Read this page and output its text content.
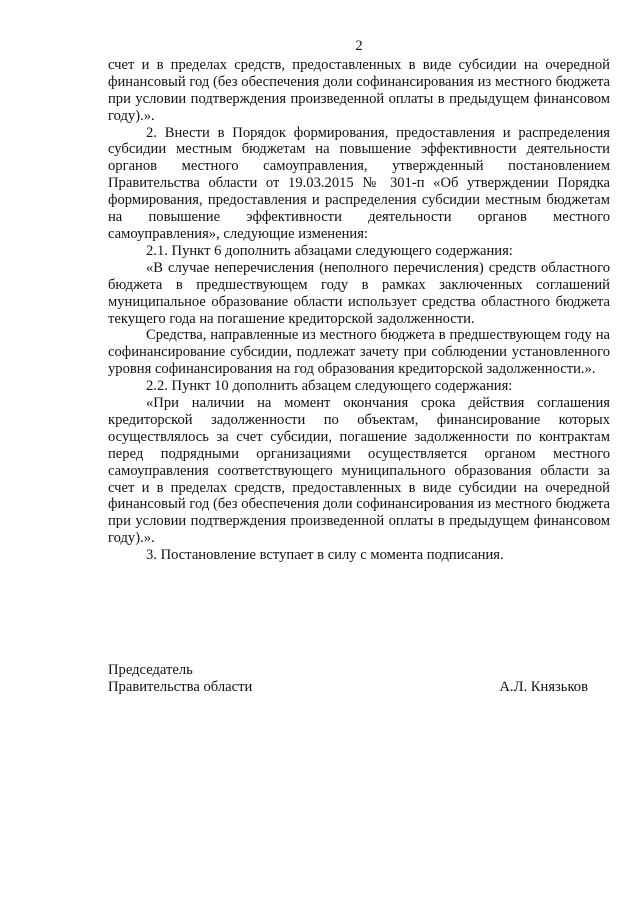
2

счет и в пределах средств, предоставленных в виде субсидии на очередной финансовый год (без обеспечения доли софинансирования из местного бюджета при условии подтверждения произведенной оплаты в предыдущем финансовом году).».

2. Внести в Порядок формирования, предоставления и распределения субсидии местным бюджетам на повышение эффективности деятельности органов местного самоуправления, утвержденный постановлением Правительства области от 19.03.2015 № 301-п «Об утверждении Порядка формирования, предоставления и распределения субсидии местным бюджетам на повышение эффективности деятельности органов местного самоуправления», следующие изменения:

2.1. Пункт 6 дополнить абзацами следующего содержания:

«В случае неперечисления (неполного перечисления) средств областного бюджета в предшествующем году в рамках заключенных соглашений муниципальное образование области использует средства областного бюджета текущего года на погашение кредиторской задолженности.

Средства, направленные из местного бюджета в предшествующем году на софинансирование субсидии, подлежат зачету при соблюдении установленного уровня софинансирования на год образования кредиторской задолженности.».

2.2. Пункт 10 дополнить абзацем следующего содержания:

«При наличии на момент окончания срока действия соглашения кредиторской задолженности по объектам, финансирование которых осуществлялось за счет субсидии, погашение задолженности по контрактам перед подрядными организациями осуществляется органом местного самоуправления соответствующего муниципального образования области за счет и в пределах средств, предоставленных в виде субсидии на очередной финансовый год (без обеспечения доли софинансирования из местного бюджета при условии подтверждения произведенной оплаты в предыдущем финансовом году).».

3. Постановление вступает в силу с момента подписания.

Председатель
Правительства области	А.Л. Князьков
